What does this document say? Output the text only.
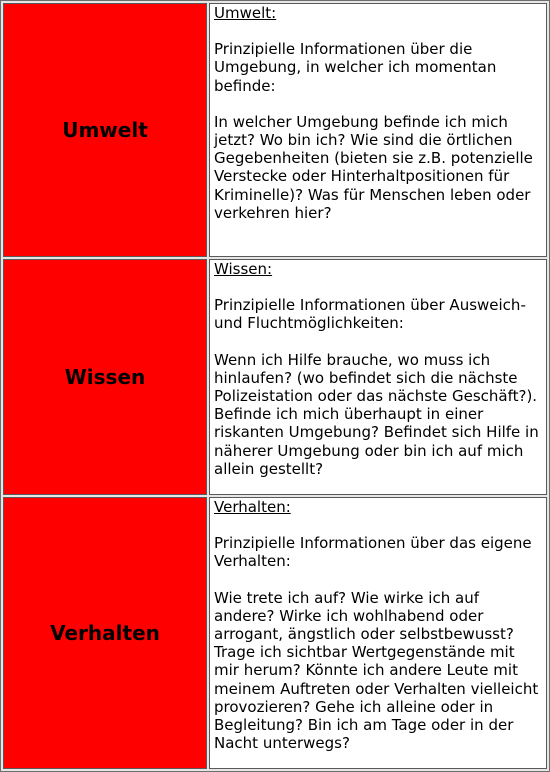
Umwelt	Umwelt:
Prinzipielle Informationen über die Umgebung, in welcher ich momentan befinde:
In welcher Umgebung befinde ich mich jetzt? Wo bin ich? Wie sind die örtlichen Gegebenheiten (bieten sie z.B. potenzielle Verstecke oder Hinterhaltpositionen für Kriminelle)? Was für Menschen leben oder verkehren hier?

Wissen	Wissen:
Prinzipielle Informationen über Ausweich- und Fluchtmöglichkeiten:
Wenn ich Hilfe brauche, wo muss ich hinlaufen? (wo befindet sich die nächste Polizeistation oder das nächste Geschäft?). Befinde ich mich überhaupt in einer riskanten Umgebung? Befindet sich Hilfe in näherer Umgebung oder bin ich auf mich allein gestellt?

Verhalten	Verhalten:
Prinzipielle Informationen über das eigene Verhalten:
Wie trete ich auf? Wie wirke ich auf andere? Wirke ich wohlhabend oder arrogant, ängstlich oder selbstbewusst? Trage ich sichtbar Wertgegenstände mit mir herum? Könnte ich andere Leute mit meinem Auftreten oder Verhalten vielleicht provozieren? Gehe ich alleine oder in Begleitung? Bin ich am Tage oder in der Nacht unterwegs?
